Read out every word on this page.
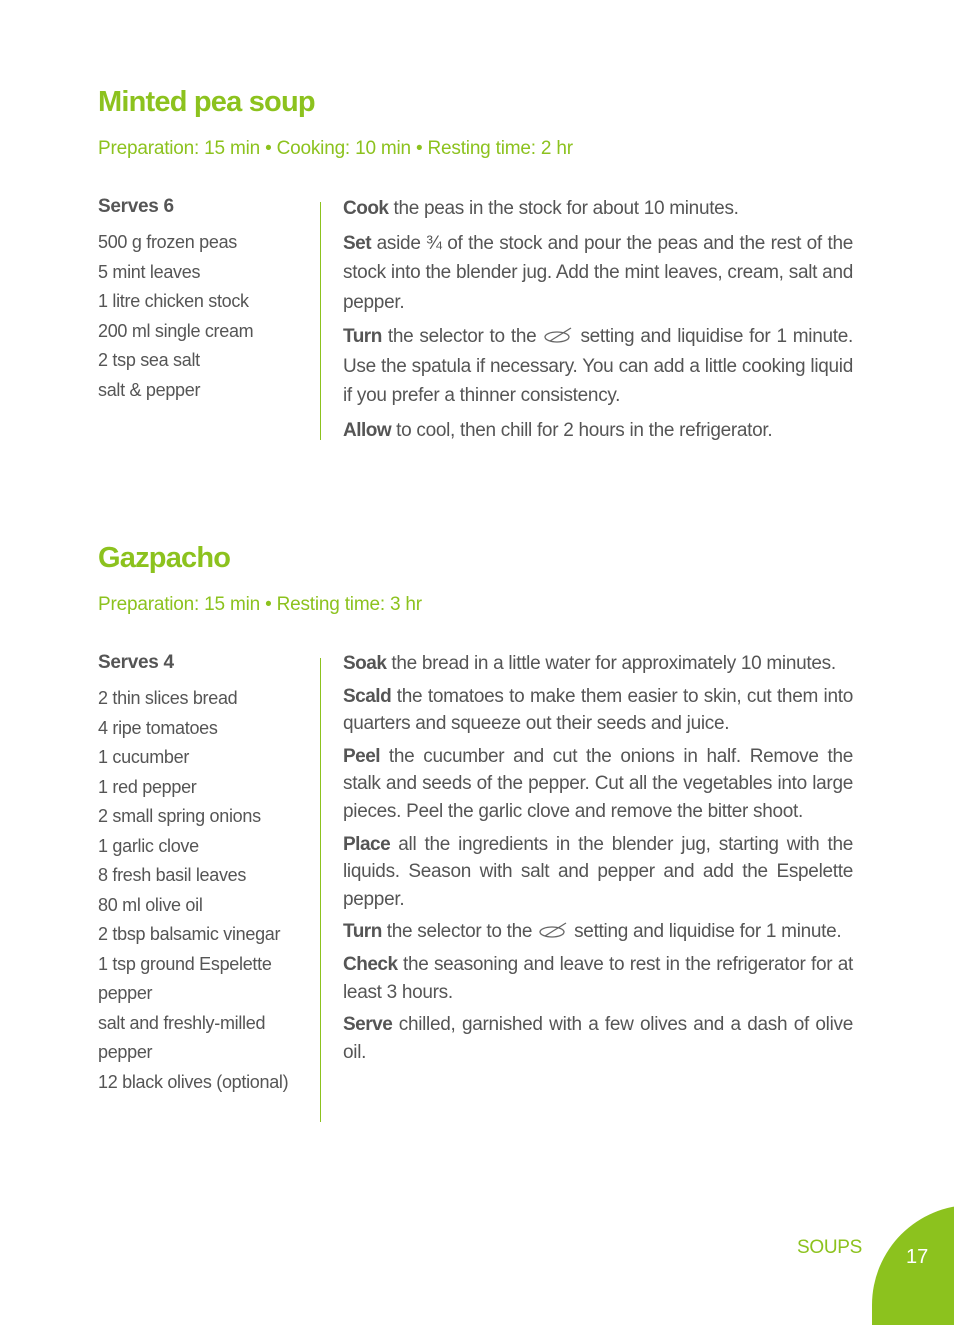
Minted pea soup
Preparation: 15 min • Cooking: 10 min • Resting time: 2 hr
Serves 6
500 g frozen peas
5 mint leaves
1 litre chicken stock
200 ml single cream
2 tsp sea salt
salt & pepper

Cook the peas in the stock for about 10 minutes.

Set aside ¾ of the stock and pour the peas and the rest of the stock into the blender jug. Add the mint leaves, cream, salt and pepper.

Turn the selector to the
setting and liquidise for 1 minute. Use the spatula if necessary. You can add a little cooking liquid if you prefer a thinner consistency.

Allow to cool, then chill for 2 hours in the refrigerator.

Gazpacho
Preparation: 15 min • Resting time: 3 hr
Serves 4
2 thin slices bread
4 ripe tomatoes
1 cucumber
1 red pepper
2 small spring onions
1 garlic clove
8 fresh basil leaves
80 ml olive oil
2 tbsp balsamic vinegar
1 tsp ground Espelette pepper
salt and freshly-milled pepper
12 black olives (optional)

Soak the bread in a little water for approximately 10 minutes.

Scald the tomatoes to make them easier to skin, cut them into quarters and squeeze out their seeds and juice.

Peel the cucumber and cut the onions in half. Remove the stalk and seeds of the pepper. Cut all the vegetables into large pieces. Peel the garlic clove and remove the bitter shoot.

Place all the ingredients in the blender jug, starting with the liquids. Season with salt and pepper and add the Espelette pepper.

Turn the selector to the
setting and liquidise for 1 minute.

Check the seasoning and leave to rest in the refrigerator for at least 3 hours.

Serve chilled, garnished with a few olives and a dash of olive oil.

SOUPS 17
